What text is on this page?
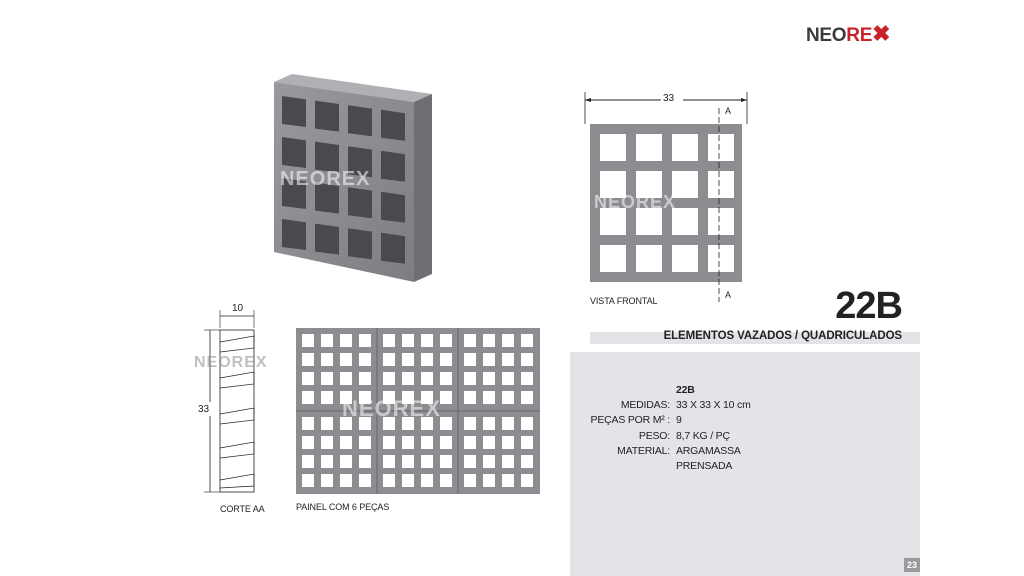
NEORE✖
33
A
A
VISTA FRONTAL	22B
ELEMENTOS VAZADOS / QUADRICULADOS
10
33
CORTE AA	PAINEL COM 6 PEÇAS
NEOREX
NEOREX
NEOREX
NEOREX
22B
MEDIDAS: 33 X 33 X 10 cm
PEÇAS POR M² : 9
PESO: 8,7 KG / PÇ
MATERIAL: ARGAMASSA
PRENSADA
23
